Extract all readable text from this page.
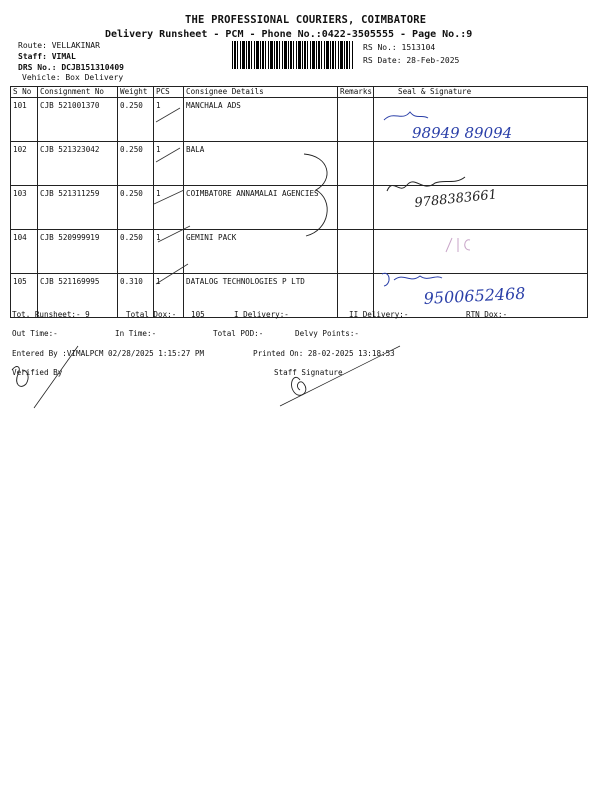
THE PROFESSIONAL COURIERS, COIMBATORE
Delivery Runsheet - PCM - Phone No.:0422-3505555 - Page No.:9
Route: VELLAKINAR
Staff: VIMAL
DRS No.: DCJB151310409
Vehicle: Box Delivery
RS No.: 1513104
RS Date: 28-Feb-2025
S No	Consignment No	Weight	PCS	Consignee Details	Remarks	Seal & Signature
101	CJB 521001370	0.250	1	MANCHALA ADS		
102	CJB 521323042	0.250	1	BALA		
103	CJB 521311259	0.250	1	COIMBATORE ANNAMALAI AGENCIES		
104	CJB 520999919	0.250	1	GEMINI PACK		
105	CJB 521169995	0.310	1	DATALOG TECHNOLOGIES P LTD		
98949 89094
9788383661
9500652468
Tot. Runsheet:- 9	Total Dox:- 105	I Delivery:-	II Delivery:-	RTN Dox:-
Out Time:-	In Time:-	Total POD:-	Delvy Points:-
Entered By :VIMALPCM 02/28/2025 1:15:27 PM	Printed On: 28-02-2025 13:18:53
Verified By	Staff Signature
